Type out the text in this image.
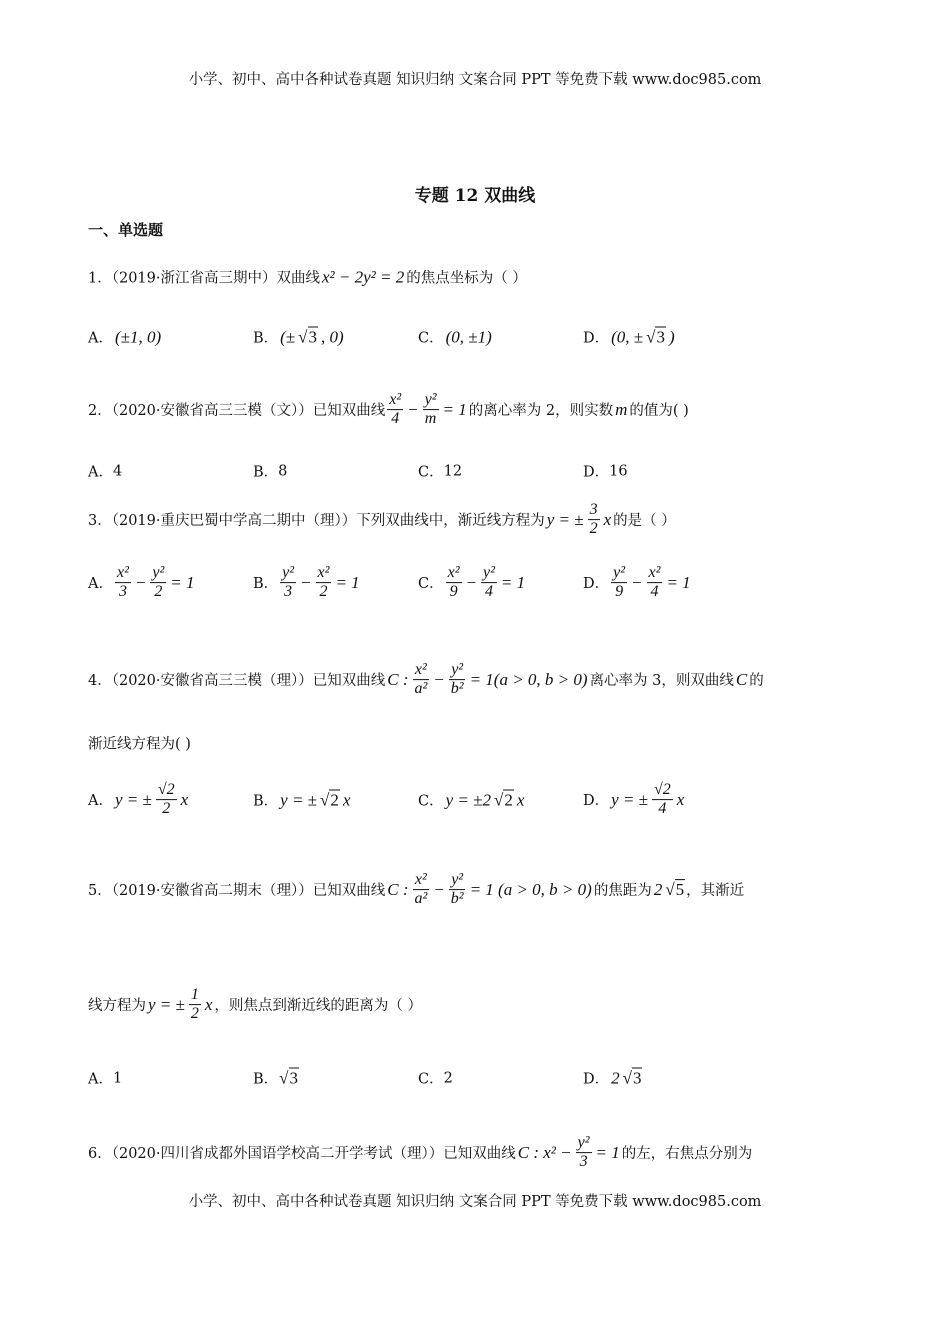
小学、初中、高中各种试卷真题 知识归纳 文案合同 PPT 等免费下载 www.doc985.com
专题 12 双曲线
一、单选题
1．（2019·浙江省高三期中）双曲线 x² − 2y² = 2 的焦点坐标为（ ）
A． (±1, 0)	B． (± √3 , 0)	C． (0, ±1)	D． (0, ± √3 )
2．（2020·安徽省高三三模（文））已知双曲线 $\frac{\text{x²}}{4} - \frac{\text{y²}}{m} = 1$ 的离心率为 2，则实数 m 的值为( )
A． 4	B． 8	C． 12	D． 16
3．（2019·重庆巴蜀中学高二期中（理））下列双曲线中，渐近线方程为 y = ± $\frac{3}{2}$ x 的是（ ）
A． $\frac{\text{x²}}{3} - \frac{\text{y²}}{2} = 1$	B． $\frac{\text{y²}}{3} - \frac{\text{x²}}{2} = 1$	C． $\frac{\text{x²}}{9} - \frac{\text{y²}}{4} = 1$	D． $\frac{\text{y²}}{9} - \frac{\text{x²}}{4} = 1$
4．（2020·安徽省高三三模（理））已知双曲线 C : $\frac{\text{x²}}{\text{a²}} - \frac{\text{y²}}{\text{b²}} = 1(a > 0$, b > 0) 离心率为 3，则双曲线 C 的
渐近线方程为( )
A． y = ± $\frac{√2}{2}$ x	B． y = ± √2 x	C． y = ±2 √2 x	D． y = ± $\frac{√2}{4}$ x
5．（2019·安徽省高二期末（理））已知双曲线 C : $\frac{\text{x²}}{\text{a²}} - \frac{\text{y²}}{\text{b²}} = 1$ (a > 0, b > 0) 的焦距为 2 √5 ，其渐近
线方程为 y = ± $\frac{1}{2}$ x ，则焦点到渐近线的距离为（ ）
A． 1	B． √3	C． 2	D． 2 √3
6．（2020·四川省成都外国语学校高二开学考试（理））已知双曲线 C : $x^2 - \frac{\text{y²}}{3} = 1$ 的左，右焦点分别为
小学、初中、高中各种试卷真题 知识归纳 文案合同 PPT 等免费下载 www.doc985.com
